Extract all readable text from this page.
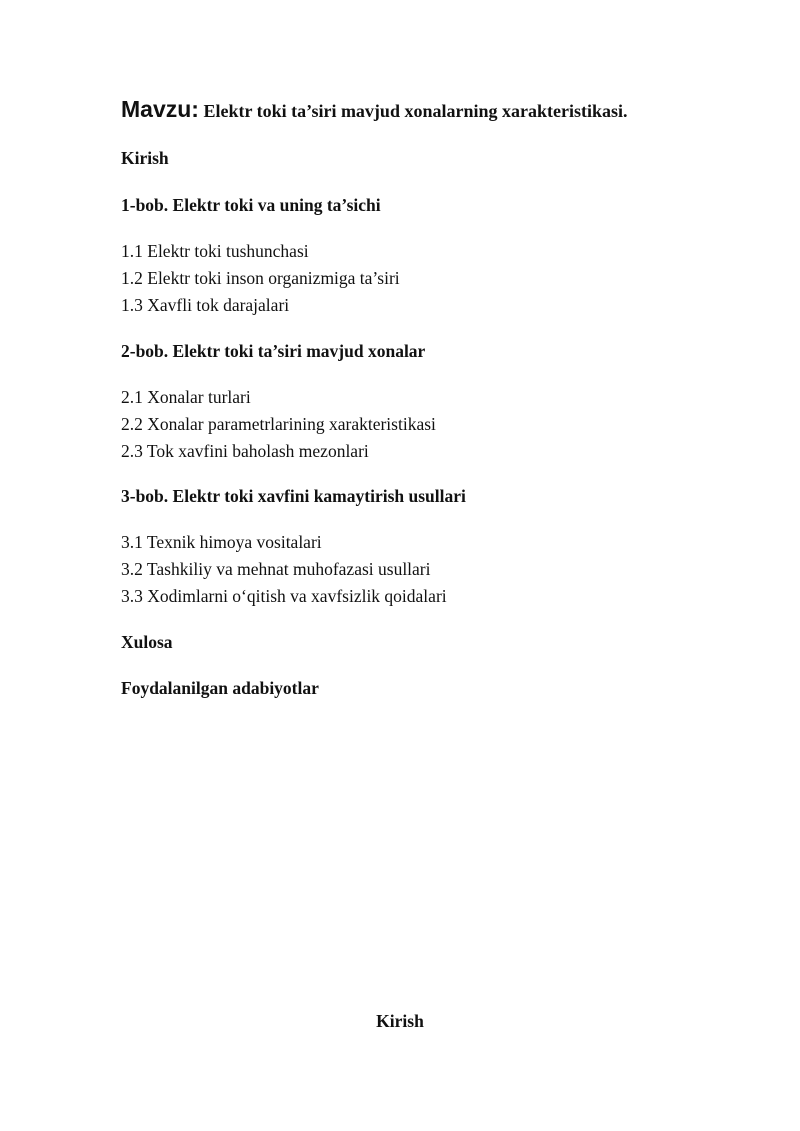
Mavzu: Elektr toki ta’siri mavjud xonalarning xarakteristikasi.
Kirish
1-bob. Elektr toki va uning ta’sichi
1.1 Elektr toki tushunchasi
1.2 Elektr toki inson organizmiga ta’siri
1.3 Xavfli tok darajalari
2-bob. Elektr toki ta’siri mavjud xonalar
2.1 Xonalar turlari
2.2 Xonalar parametrlarining xarakteristikasi
2.3 Tok xavfini baholash mezonlari
3-bob. Elektr toki xavfini kamaytirish usullari
3.1 Texnik himoya vositalari
3.2 Tashkiliy va mehnat muhofazasi usullari
3.3 Xodimlarni o‘qitish va xavfsizlik qoidalari
Xulosa
Foydalanilgan adabiyotlar
Kirish
